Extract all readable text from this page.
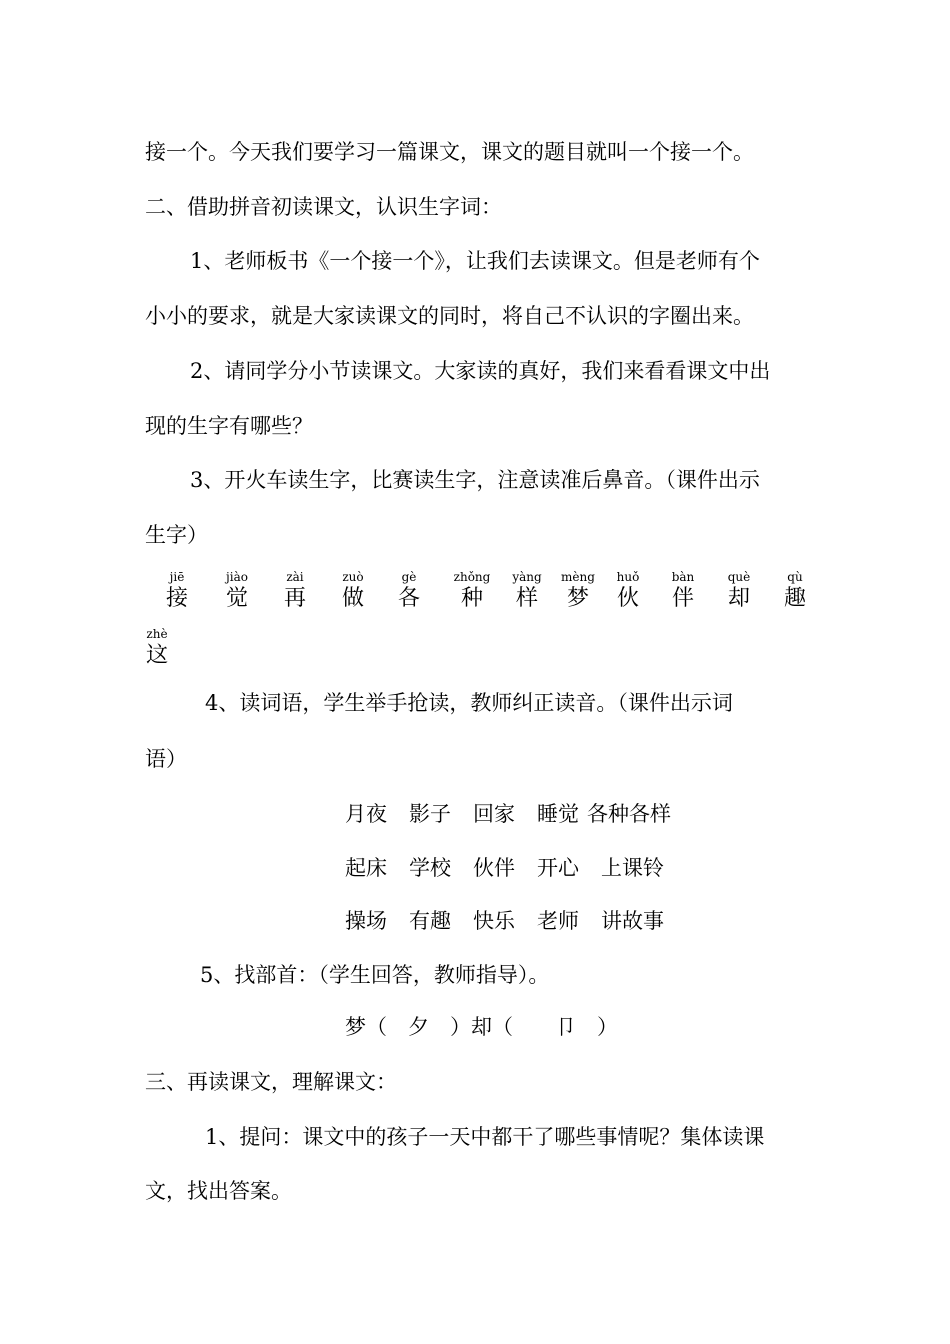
接一个。今天我们要学习一篇课文，课文的题目就叫一个接一个。
二、借助拼音初读课文，认识生字词：
1、老师板书《一个接一个》，让我们去读课文。但是老师有个
小小的要求，就是大家读课文的同时，将自己不认识的字圈出来。
2、请同学分小节读课文。大家读的真好，我们来看看课文中出
现的生字有哪些？
3、开火车读生字，比赛读生字，注意读准后鼻音。（课件出示
生字）
jiē
接
jiào
觉
zài
再
zuò
做
gè
各
zhǒng
种
yàng
样
mèng
梦
huǒ
伙
bàn
伴
què
却
qù
趣
zhè
这
4、读词语，学生举手抢读，教师纠正读音。（课件出示词
语）
月夜 影子 回家 睡觉 各种各样
起床 学校 伙伴 开心 上课铃
操场 有趣 快乐 老师 讲故事
5、找部首：（学生回答，教师指导）。
梦（　夕　）却（　　卩　）
三、再读课文，理解课文：
1、提问：课文中的孩子一天中都干了哪些事情呢？集体读课
文，找出答案。
